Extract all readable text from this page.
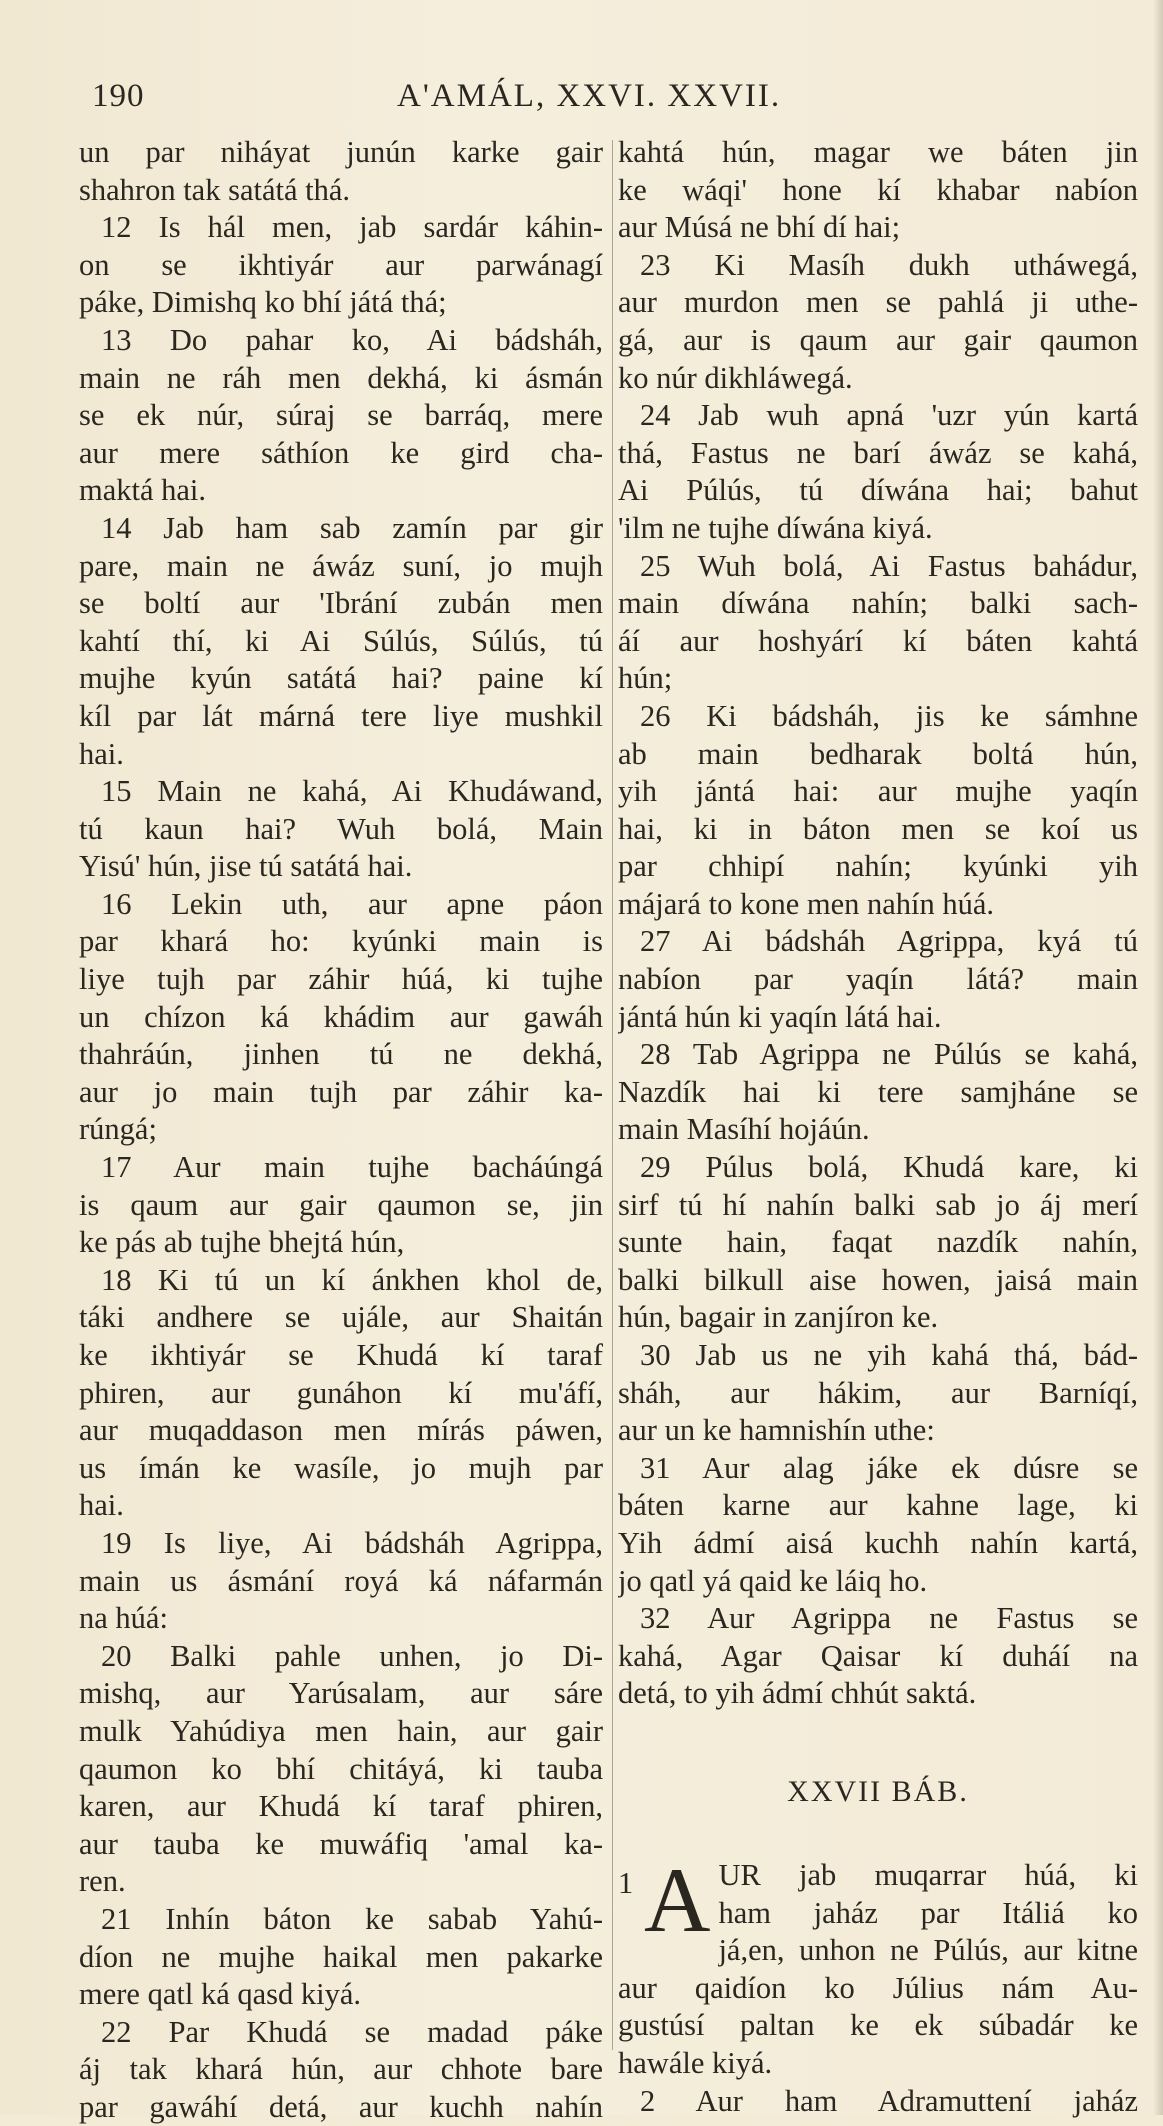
190	A'AMÁL, XXVI. XXVII.
un par niháyat junún karke gair
shahron tak satátá thá.
12 Is hál men, jab sardár káhin-
on se ikhtiyár aur parwánagí
páke, Dimishq ko bhí játá thá;
13 Do pahar ko, Ai bádsháh,
main ne ráh men dekhá, ki ásmán
se ek núr, súraj se barráq, mere
aur mere sáthíon ke gird cha-
maktá hai.
14 Jab ham sab zamín par gir
pare, main ne áwáz suní, jo mujh
se boltí aur 'Ibrání zubán men
kahtí thí, ki Ai Súlús, Súlús, tú
mujhe kyún satátá hai? paine kí
kíl par lát márná tere liye mushkil
hai.
15 Main ne kahá, Ai Khudáwand,
tú kaun hai? Wuh bolá, Main
Yisú' hún, jise tú satátá hai.
16 Lekin uth, aur apne páon
par khará ho: kyúnki main is
liye tujh par záhir húá, ki tujhe
un chízon ká khádim aur gawáh
thahráún, jinhen tú ne dekhá,
aur jo main tujh par záhir ka-
rúngá;
17 Aur main tujhe bacháúngá
is qaum aur gair qaumon se, jin
ke pás ab tujhe bhejtá hún,
18 Ki tú un kí ánkhen khol de,
táki andhere se ujále, aur Shaitán
ke ikhtiyár se Khudá kí taraf
phiren, aur gunáhon kí mu'áfí,
aur muqaddason men mírás páwen,
us ímán ke wasíle, jo mujh par
hai.
19 Is liye, Ai bádsháh Agrippa,
main us ásmání royá ká náfarmán
na húá:
20 Balki pahle unhen, jo Di-
mishq, aur Yarúsalam, aur sáre
mulk Yahúdiya men hain, aur gair
qaumon ko bhí chitáyá, ki tauba
karen, aur Khudá kí taraf phiren,
aur tauba ke muwáfiq 'amal ka-
ren.
21 Inhín báton ke sabab Yahú-
díon ne mujhe haikal men pakarke
mere qatl ká qasd kiyá.
22 Par Khudá se madad páke
áj tak khará hún, aur chhote bare
par gawáhí detá, aur kuchh nahín
kahtá hún, magar we báten jin
ke wáqi' hone kí khabar nabíon
aur Músá ne bhí dí hai;
23 Ki Masíh dukh utháwegá,
aur murdon men se pahlá ji uthe-
gá, aur is qaum aur gair qaumon
ko núr dikhláwegá.
24 Jab wuh apná 'uzr yún kartá
thá, Fastus ne barí áwáz se kahá,
Ai Púlús, tú díwána hai; bahut
'ilm ne tujhe díwána kiyá.
25 Wuh bolá, Ai Fastus bahádur,
main díwána nahín; balki sach-
áí aur hoshyárí kí báten kahtá
hún;
26 Ki bádsháh, jis ke sámhne
ab main bedharak boltá hún,
yih jántá hai: aur mujhe yaqín
hai, ki in báton men se koí us
par chhipí nahín; kyúnki yih
májará to kone men nahín húá.
27 Ai bádsháh Agrippa, kyá tú
nabíon par yaqín látá? main
jántá hún ki yaqín látá hai.
28 Tab Agrippa ne Púlús se kahá,
Nazdík hai ki tere samjháne se
main Masíhí hojáún.
29 Púlus bolá, Khudá kare, ki
sirf tú hí nahín balki sab jo áj merí
sunte hain, faqat nazdík nahín,
balki bilkull aise howen, jaisá main
hún, bagair in zanjíron ke.
30 Jab us ne yih kahá thá, bád-
sháh, aur hákim, aur Barníqí,
aur un ke hamnishín uthe:
31 Aur alag jáke ek dúsre se
báten karne aur kahne lage, ki
Yih ádmí aisá kuchh nahín kartá,
jo qatl yá qaid ke láiq ho.
32 Aur Agrippa ne Fastus se
kahá, Agar Qaisar kí duháí na
detá, to yih ádmí chhút saktá.
XXVII BÁB.
1 A UR jab muqarrar húá, ki
ham jaház par Itáliá ko
já,en, unhon ne Púlús, aur kitne
aur qaidíon ko Július nám Au-
gustúsí paltan ke ek súbadár ke
hawále kiyá.
2 Aur ham Adramuttení jaház
